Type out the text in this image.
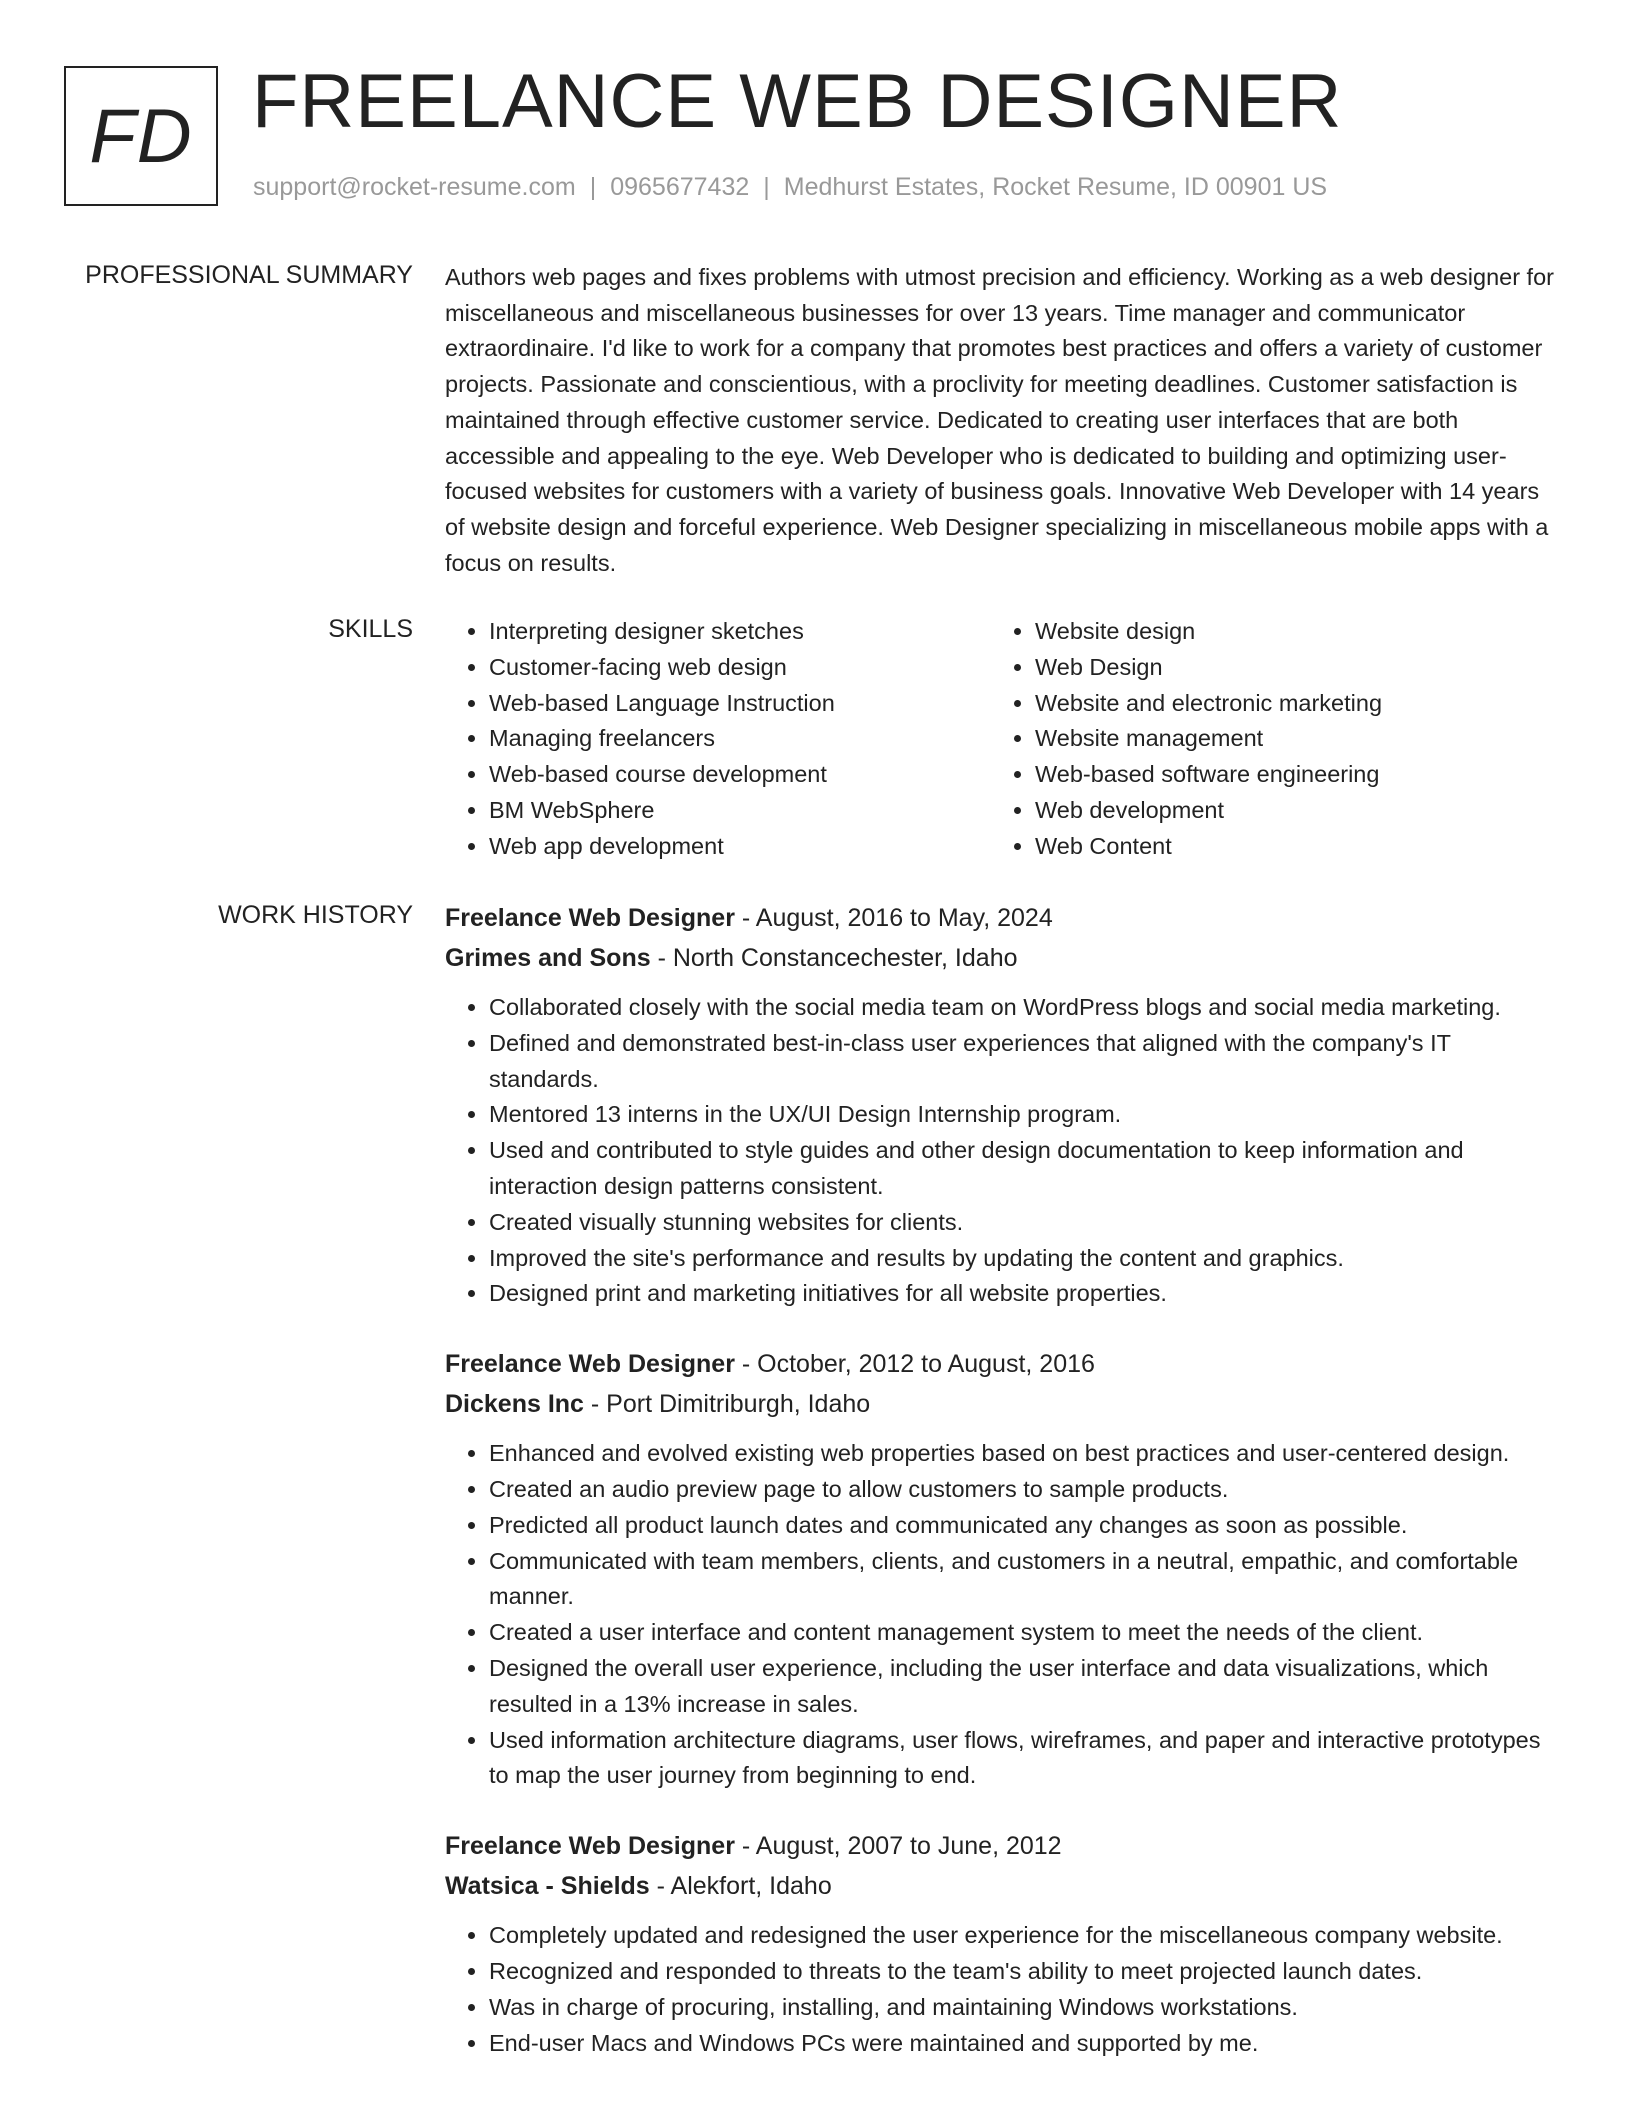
FD FREELANCE WEB DESIGNER
support@rocket-resume.com | 0965677432 | Medhurst Estates, Rocket Resume, ID 00901 US
PROFESSIONAL SUMMARY Authors web pages and fixes problems with utmost precision and efficiency. Working as a web designer for miscellaneous and miscellaneous businesses for over 13 years. Time manager and communicator extraordinaire. I'd like to work for a company that promotes best practices and offers a variety of customer projects. Passionate and conscientious, with a proclivity for meeting deadlines. Customer satisfaction is maintained through effective customer service. Dedicated to creating user interfaces that are both accessible and appealing to the eye. Web Developer who is dedicated to building and optimizing user-focused websites for customers with a variety of business goals. Innovative Web Developer with 14 years of website design and forceful experience. Web Designer specializing in miscellaneous mobile apps with a focus on results.

SKILLS
•	Interpreting designer sketches
• Customer-facing web design
• Web-based Language Instruction
• Managing freelancers
• Web-based course development
• BM WebSphere
• Web app development
• Website design
• Web Design
• Website and electronic marketing
• Website management
• Web-based software engineering
• Web development
• Web Content
WORK HISTORY Freelance Web Designer - August, 2016 to May, 2024
Grimes and Sons - North Constancechester, Idaho
• Collaborated closely with the social media team on WordPress blogs and social media marketing.
• Defined and demonstrated best-in-class user experiences that aligned with the company's IT standards.
• Mentored 13 interns in the UX/UI Design Internship program.
• Used and contributed to style guides and other design documentation to keep information and interaction design patterns consistent.
• Created visually stunning websites for clients.
• Improved the site's performance and results by updating the content and graphics.
• Designed print and marketing initiatives for all website properties.
Freelance Web Designer - October, 2012 to August, 2016
Dickens Inc - Port Dimitriburgh, Idaho
• Enhanced and evolved existing web properties based on best practices and user-centered design.
• Created an audio preview page to allow customers to sample products.
• Predicted all product launch dates and communicated any changes as soon as possible.
• Communicated with team members, clients, and customers in a neutral, empathic, and comfortable manner.
• Created a user interface and content management system to meet the needs of the client.
• Designed the overall user experience, including the user interface and data visualizations, which resulted in a 13% increase in sales.
• Used information architecture diagrams, user flows, wireframes, and paper and interactive prototypes to map the user journey from beginning to end.
Freelance Web Designer - August, 2007 to June, 2012
Watsica - Shields - Alekfort, Idaho
• Completely updated and redesigned the user experience for the miscellaneous company website.
• Recognized and responded to threats to the team's ability to meet projected launch dates.
• Was in charge of procuring, installing, and maintaining Windows workstations.
• End-user Macs and Windows PCs were maintained and supported by me.
